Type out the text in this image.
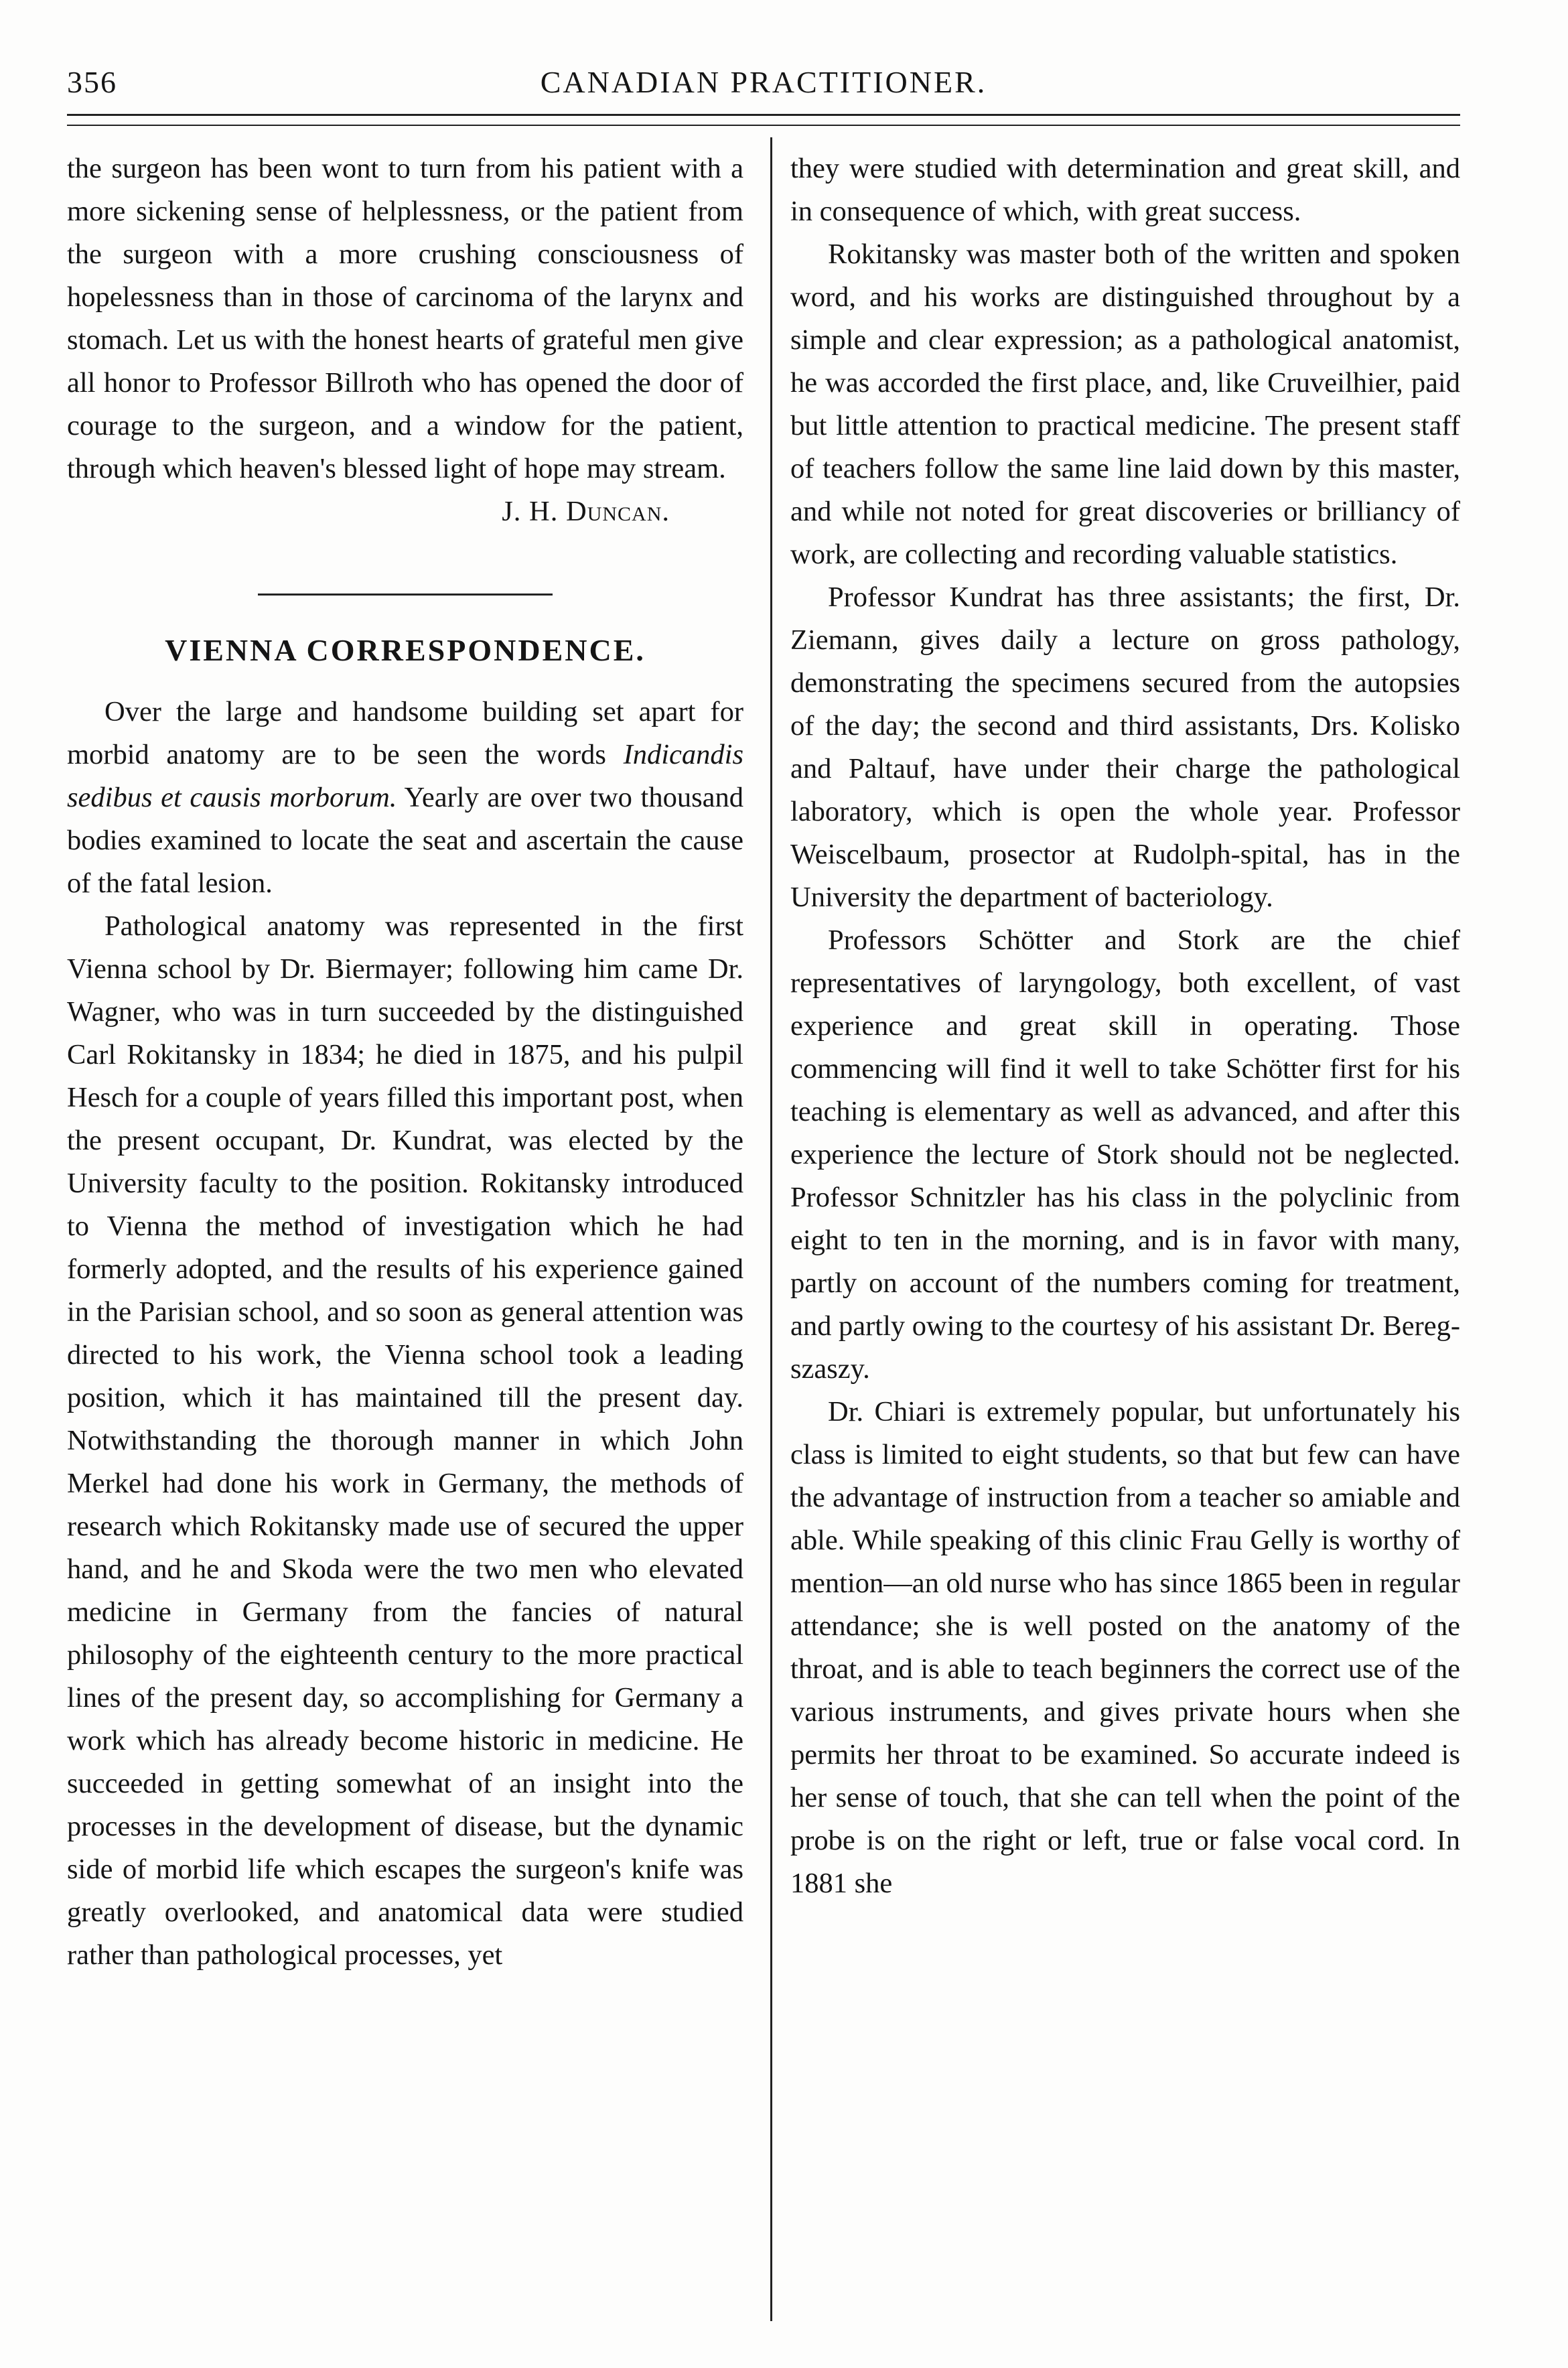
356	CANADIAN PRACTITIONER.

the surgeon has been wont to turn from his patient with a more sickening sense of helplessness, or the patient from the surgeon with a more crushing consciousness of hopelessness than in those of carcinoma of the larynx and stomach. Let us with the honest hearts of grateful men give all honor to Professor Billroth who has opened the door of courage to the surgeon, and a window for the patient, through which heaven's blessed light of hope may stream.

J. H. Duncan.

VIENNA CORRESPONDENCE.

Over the large and handsome building set apart for morbid anatomy are to be seen the words Indicandis sedibus et causis morborum. Yearly are over two thousand bodies examined to locate the seat and ascertain the cause of the fatal lesion.

Pathological anatomy was represented in the first Vienna school by Dr. Biermayer; following him came Dr. Wagner, who was in turn succeeded by the distinguished Carl Rokitansky in 1834; he died in 1875, and his pulpil Hesch for a couple of years filled this important post, when the present occupant, Dr. Kundrat, was elected by the University faculty to the position. Rokitansky introduced to Vienna the method of investigation which he had formerly adopted, and the results of his experience gained in the Parisian school, and so soon as general attention was directed to his work, the Vienna school took a leading position, which it has maintained till the present day. Notwithstanding the thorough manner in which John Merkel had done his work in Germany, the methods of research which Rokitansky made use of secured the upper hand, and he and Skoda were the two men who elevated medicine in Germany from the fancies of natural philosophy of the eighteenth century to the more practical lines of the present day, so accomplishing for Germany a work which has already become historic in medicine. He succeeded in getting somewhat of an insight into the processes in the development of disease, but the dynamic side of morbid life which escapes the surgeon's knife was greatly overlooked, and anatomical data were studied rather than pathological processes, yet

they were studied with determination and great skill, and in consequence of which, with great success.

Rokitansky was master both of the written and spoken word, and his works are distinguished throughout by a simple and clear expression; as a pathological anatomist, he was accorded the first place, and, like Cruveilhier, paid but little attention to practical medicine. The present staff of teachers follow the same line laid down by this master, and while not noted for great discoveries or brilliancy of work, are collecting and recording valuable statistics.

Professor Kundrat has three assistants; the first, Dr. Ziemann, gives daily a lecture on gross pathology, demonstrating the specimens secured from the autopsies of the day; the second and third assistants, Drs. Kolisko and Paltauf, have under their charge the pathological laboratory, which is open the whole year. Professor Weiscelbaum, prosector at Rudolph-spital, has in the University the department of bacteriology.

Professors Schötter and Stork are the chief representatives of laryngology, both excellent, of vast experience and great skill in operating. Those commencing will find it well to take Schötter first for his teaching is elementary as well as advanced, and after this experience the lecture of Stork should not be neglected. Professor Schnitzler has his class in the polyclinic from eight to ten in the morning, and is in favor with many, partly on account of the numbers coming for treatment, and partly owing to the courtesy of his assistant Dr. Bereg-szaszy.

Dr. Chiari is extremely popular, but unfortunately his class is limited to eight students, so that but few can have the advantage of instruction from a teacher so amiable and able. While speaking of this clinic Frau Gelly is worthy of mention—an old nurse who has since 1865 been in regular attendance; she is well posted on the anatomy of the throat, and is able to teach beginners the correct use of the various instruments, and gives private hours when she permits her throat to be examined. So accurate indeed is her sense of touch, that she can tell when the point of the probe is on the right or left, true or false vocal cord. In 1881 she
